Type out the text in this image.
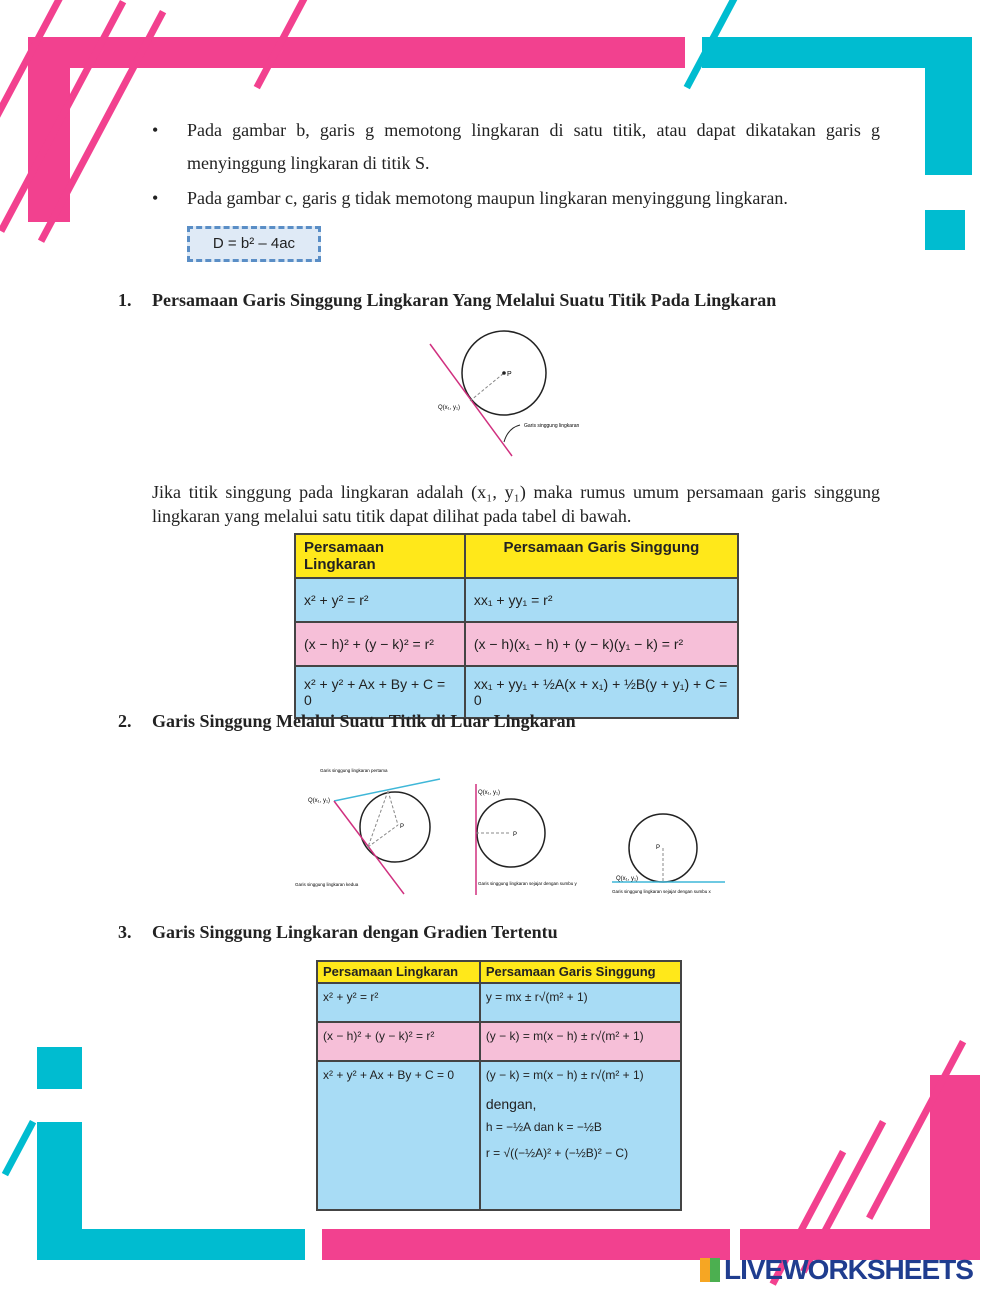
• Pada gambar b, garis g memotong lingkaran di satu titik, atau dapat dikatakan garis g menyinggung lingkaran di titik S.
• Pada gambar c, garis g tidak memotong maupun lingkaran menyinggung lingkaran.
D = b² – 4ac
1. Persamaan Garis Singgung Lingkaran Yang Melalui Suatu Titik Pada Lingkaran
P
Q(x₁, y₁)
Garis singgung lingkaran
Jika titik singgung pada lingkaran adalah (x₁, y₁) maka rumus umum persamaan garis singgung lingkaran yang melalui satu titik dapat dilihat pada tabel di bawah.
Persamaan Lingkaran	Persamaan Garis Singgung
x² + y² = r²	xx₁ + yy₁ = r²
(x − h)² + (y − k)² = r²	(x − h)(x₁ − h) + (y − k)(y₁ − k) = r²
x² + y² + Ax + By + C = 0	xx₁ + yy₁ + ½A(x + x₁) + ½B(y + y₁) + C = 0
2. Garis Singgung Melalui Suatu Titik di Luar Lingkaran
P
Q(x₁, y₁)
Garis singgung lingkaran pertama
Garis singgung lingkaran kedua
P
Q(x₁, y₁)
Garis singgung lingkaran sejajar dengan sumbu y
P
Q(x₁, y₁)
Garis singgung lingkaran sejajar dengan sumbu x
3. Garis Singgung Lingkaran dengan Gradien Tertentu
Persamaan Lingkaran	Persamaan Garis Singgung
x² + y² = r²	y = mx ± r√(m² + 1)
(x − h)² + (y − k)² = r²	(y − k) = m(x − h) ± r√(m² + 1)
x² + y² + Ax + By + C = 0	(y − k) = m(x − h) ± r√(m² + 1)
dengan,
h = −½A dan k = −½B
r = √((−½A)² + (−½B)² − C)
LIVEWORKSHEETS
